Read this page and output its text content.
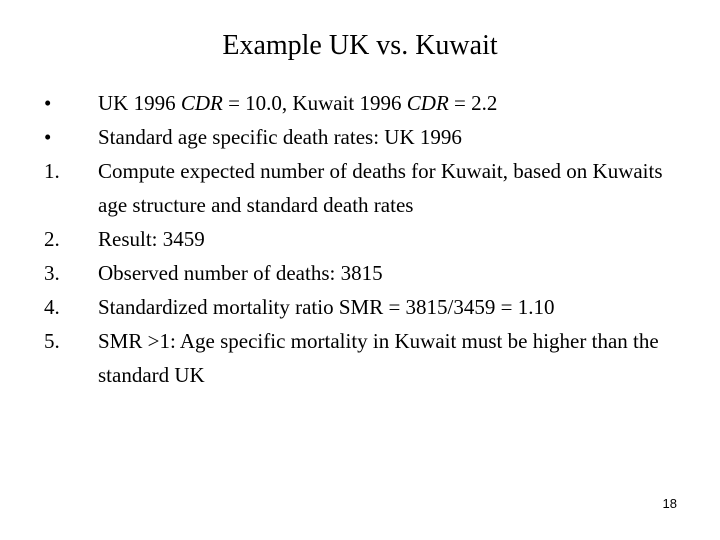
Example UK vs. Kuwait
•	UK 1996 CDR = 10.0, Kuwait 1996 CDR = 2.2
•	Standard age specific death rates: UK 1996
1.	Compute expected number of deaths for Kuwait, based on Kuwaits age structure and standard death rates
2.	Result: 3459
3.	Observed number of deaths: 3815
4.	Standardized mortality ratio SMR = 3815/3459 = 1.10
5.	SMR >1: Age specific mortality in Kuwait must be higher than the standard UK
18
